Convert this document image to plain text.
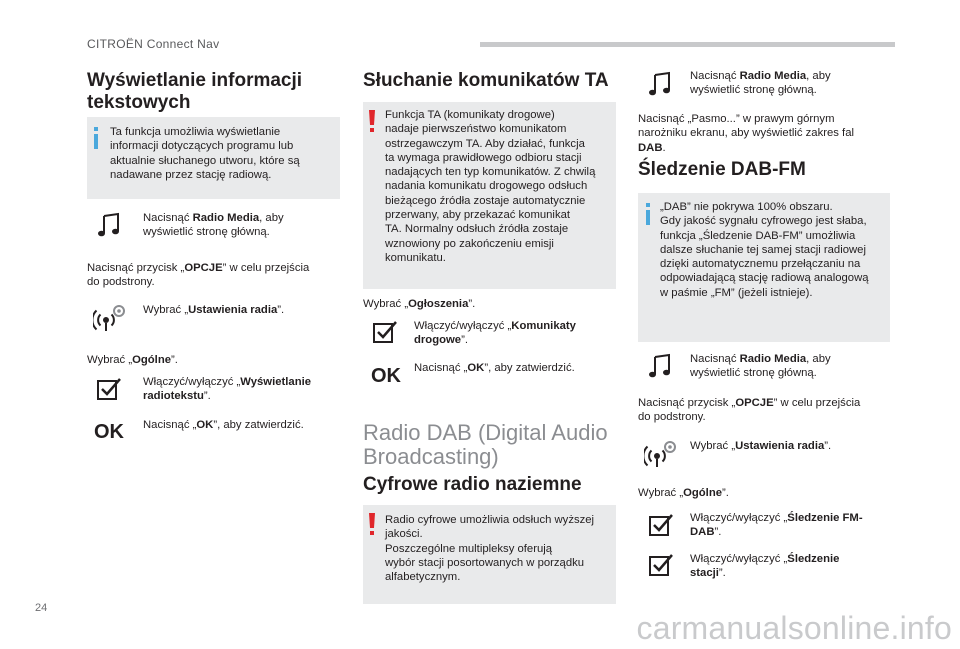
CITROËN Connect Nav
Wyświetlanie informacji
tekstowych
Ta funkcja umożliwia wyświetlanie
informacji dotyczących programu lub
aktualnie słuchanego utworu, które są
nadawane przez stację radiową.
Nacisnąć Radio Media, aby
wyświetlić stronę główną.
Nacisnąć przycisk „OPCJE” w celu przejścia
do podstrony.
Wybrać „Ustawienia radia”.
Wybrać „Ogólne”.
Włączyć/wyłączyć „Wyświetlanie
radiotekstu”.
OK Nacisnąć „OK”, aby zatwierdzić.
Słuchanie komunikatów TA
Funkcja TA (komunikaty drogowe)
nadaje pierwszeństwo komunikatom
ostrzegawczym TA. Aby działać, funkcja
ta wymaga prawidłowego odbioru stacji
nadających ten typ komunikatów. Z chwilą
nadania komunikatu drogowego odsłuch
bieżącego źródła zostaje automatycznie
przerwany, aby przekazać komunikat
TA. Normalny odsłuch źródła zostaje
wznowiony po zakończeniu emisji
komunikatu.
Wybrać „Ogłoszenia”.
Włączyć/wyłączyć „Komunikaty
drogowe”.
OK Nacisnąć „OK”, aby zatwierdzić.
Radio DAB (Digital Audio
Broadcasting)
Cyfrowe radio naziemne
Radio cyfrowe umożliwia odsłuch wyższej
jakości.
Poszczególne multipleksy oferują
wybór stacji posortowanych w porządku
alfabetycznym.
Nacisnąć Radio Media, aby
wyświetlić stronę główną.
Nacisnąć „Pasmo...” w prawym górnym
narożniku ekranu, aby wyświetlić zakres fal
DAB.
Śledzenie DAB-FM
„DAB” nie pokrywa 100% obszaru.
Gdy jakość sygnału cyfrowego jest słaba,
funkcja „Śledzenie DAB-FM” umożliwia
dalsze słuchanie tej samej stacji radiowej
dzięki automatycznemu przełączaniu na
odpowiadającą stację radiową analogową
w paśmie „FM” (jeżeli istnieje).
Nacisnąć Radio Media, aby
wyświetlić stronę główną.
Nacisnąć przycisk „OPCJE” w celu przejścia
do podstrony.
Wybrać „Ustawienia radia”.
Wybrać „Ogólne”.
Włączyć/wyłączyć „Śledzenie FM-
DAB”.
Włączyć/wyłączyć „Śledzenie
stacji”.
24
carmanualsonline.info
